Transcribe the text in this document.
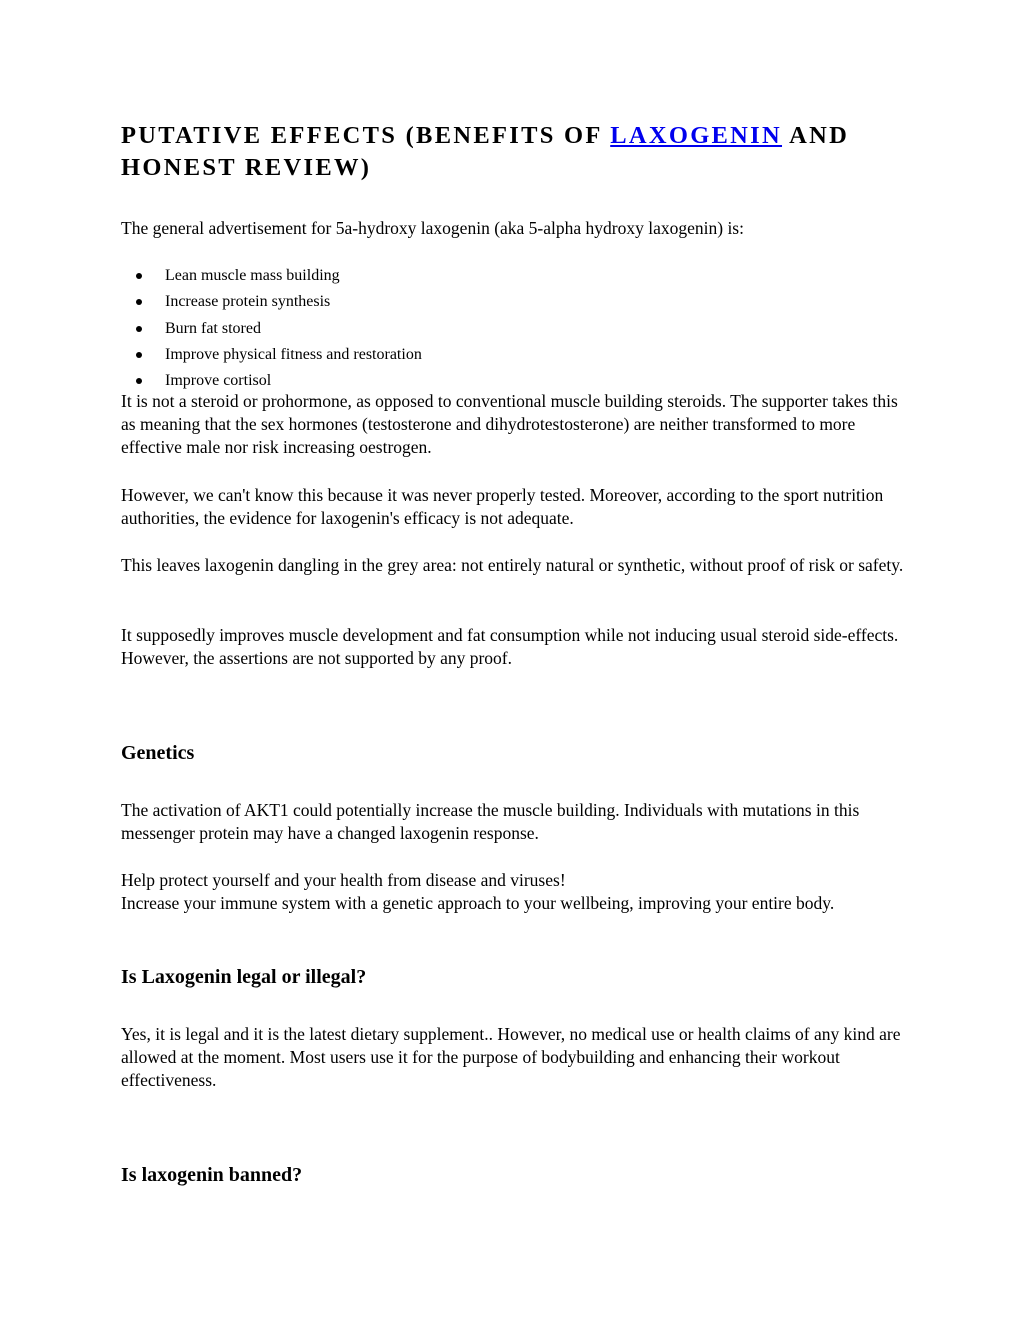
PUTATIVE EFFECTS (BENEFITS OF LAXOGENIN AND HONEST REVIEW)

The general advertisement for 5a-hydroxy laxogenin (aka 5-alpha hydroxy laxogenin) is:

Lean muscle mass building
Increase protein synthesis
Burn fat stored
Improve physical fitness and restoration
Improve cortisol

It is not a steroid or prohormone, as opposed to conventional muscle building steroids. The supporter takes this as meaning that the sex hormones (testosterone and dihydrotestosterone) are neither transformed to more effective male nor risk increasing oestrogen.

However, we can't know this because it was never properly tested. Moreover, according to the sport nutrition authorities, the evidence for laxogenin's efficacy is not adequate.

This leaves laxogenin dangling in the grey area: not entirely natural or synthetic, without proof of risk or safety.

It supposedly improves muscle development and fat consumption while not inducing usual steroid side-effects. However, the assertions are not supported by any proof.

Genetics

The activation of AKT1 could potentially increase the muscle building. Individuals with mutations in this messenger protein may have a changed laxogenin response.

Help protect yourself and your health from disease and viruses!

Increase your immune system with a genetic approach to your wellbeing, improving your entire body.

Is Laxogenin legal or illegal?

Yes, it is legal and it is the latest dietary supplement.. However, no medical use or health claims of any kind are allowed at the moment. Most users use it for the purpose of bodybuilding and enhancing their workout effectiveness.

Is laxogenin banned?
